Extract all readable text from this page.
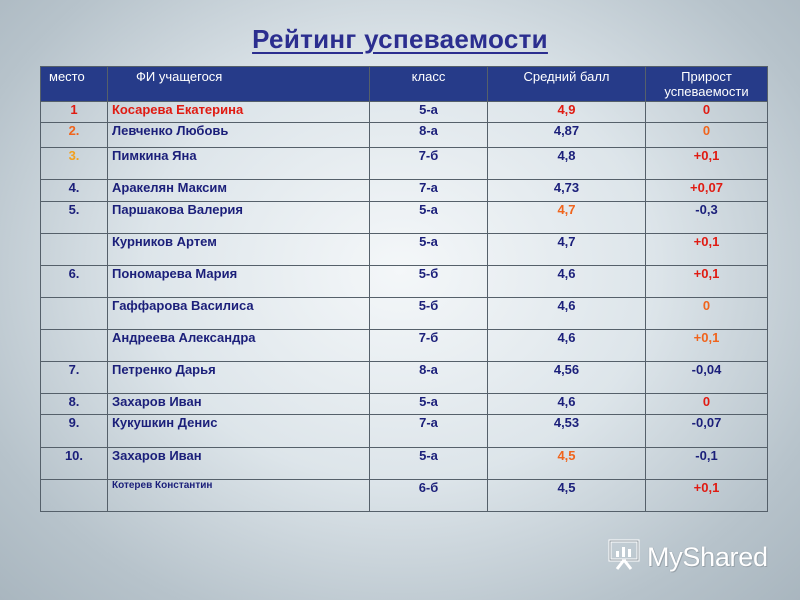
Рейтинг успеваемости
место	ФИ учащегося	класс	Средний балл	Прирост успеваемости
1	Косарева Екатерина	5-а	4,9	0
2.	Левченко Любовь	8-а	4,87	0
3.	Пимкина Яна	7-б	4,8	+0,1
4.	Аракелян Максим	7-а	4,73	+0,07
5.	Паршакова Валерия	5-а	4,7	-0,3
	Курников Артем	5-а	4,7	+0,1
6.	Пономарева Мария	5-б	4,6	+0,1
	Гаффарова Василиса	5-б	4,6	0
	Андреева Александра	7-б	4,6	+0,1
7.	Петренко Дарья	8-а	4,56	-0,04
8.	Захаров Иван	5-а	4,6	0
9.	Кукушкин Денис	7-а	4,53	-0,07
10.	Захаров Иван	5-а	4,5	-0,1
	Котерев Константин	6-б	4,5	+0,1
MyShared
